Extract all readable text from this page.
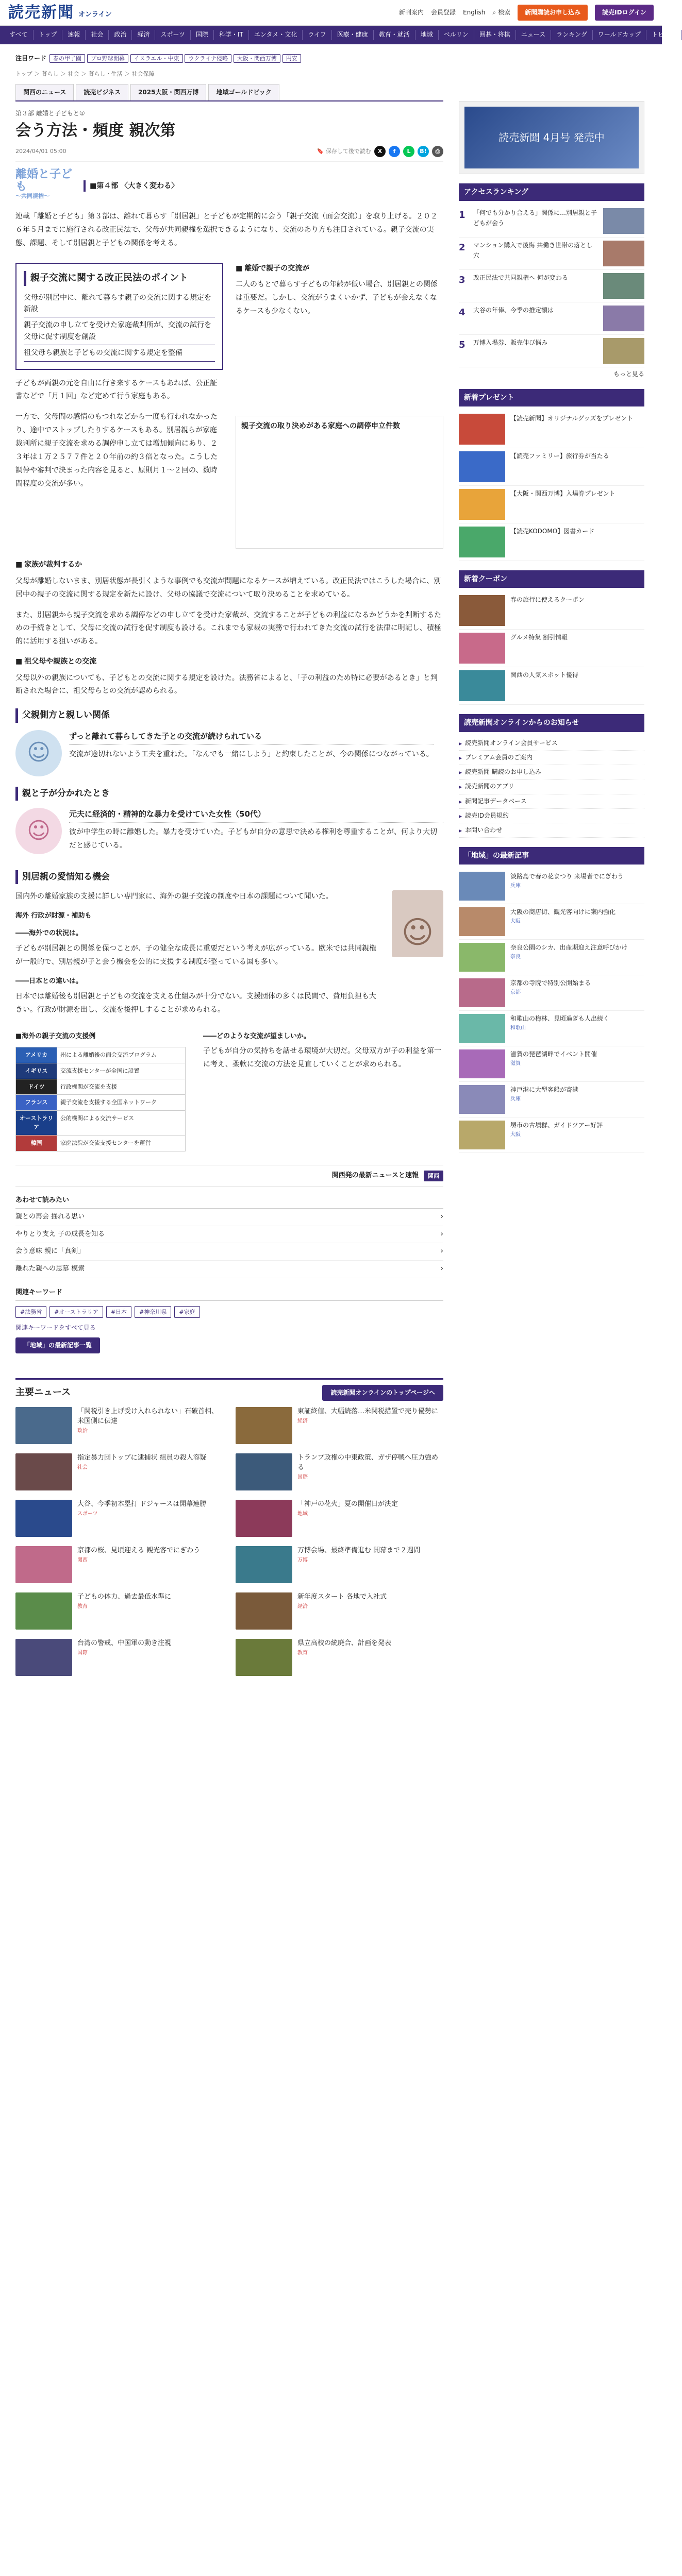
読売新聞 オンライン	新刊案内 会員登録 English ⌕ 検索	新聞購読お申し込み	読売IDログイン
すべて	トップ	速報	社会	政治	経済	スポーツ	国際	科学・IT	エンタメ・文化	ライフ	医療・健康	教育・就活	地域	ベルリン	囲碁・将棋	ニュース	ランキング	ワールドカップ	トピック
注目ワード	春の甲子園 プロ野球開幕 イスラエル・中東 ウクライナ侵略 大阪・関西万博 円安
トップ ＞ 暮らし ＞ 社会 ＞ 暮らし・生活 ＞ 社会保障
関西のニュース	読売ビジネス	2025大阪・関西万博	地域ゴールドピック
第３部 離婚と子どもと①
会う方法・頻度 親次第
2024/04/01 05:00	🔖 保存して後で読む	X	f	L	B!	⎙
離婚と子ども
～共同親権～
■第４部 〈大きく変わる〉

連載「離婚と子ども」第３部は、離れて暮らす「別居親」と子どもが定期的に会う「親子交流（面会交流）」を取り上げる。２０２６年５月までに施行される改正民法で、父母が共同親権を選択できるようになり、交流のあり方も注目されている。親子交流の実態、課題、そして別居親と子どもの関係を考える。

親子交流に関する改正民法のポイント
父母が別居中に、離れて暮らす親子の交流に関する規定を新設
親子交流の申し立てを受けた家庭裁判所が、交流の試行を父母に促す制度を創設
祖父母ら親族と子どもの交流に関する規定を整備

子どもが両親の元を自由に行き来するケースもあれば、公正証書などで「月１回」など定めて行う家庭もある。

■ 離婚で親子の交流が

二人のもとで暮らす子どもの年齢が低い場合、別居親との関係は重要だ。しかし、交流がうまくいかず、子どもが会えなくなるケースも少なくない。

一方で、父母間の感情のもつれなどから一度も行われなかったり、途中でストップしたりするケースもある。別居親らが家庭裁判所に親子交流を求める調停申し立ては増加傾向にあり、２３年は１万２５７７件と２０年前の約３倍となった。こうした調停や審判で決まった内容を見ると、原則月１～２回の、数時間程度の交流が多い。

親子交流の取り決めがある家庭への調停申立件数
■ 家族が裁判するか

父母が離婚しないまま、別居状態が長引くような事例でも交流が問題になるケースが増えている。改正民法ではこうした場合に、別居中の親子の交流に関する規定を新たに設け、父母の協議で交流について取り決めることを求めている。

また、別居親から親子交流を求める調停などの申し立てを受けた家裁が、交流することが子どもの利益になるかどうかを判断するための手続きとして、父母に交流の試行を促す制度も設ける。これまでも家裁の実務で行われてきた交流の試行を法律に明記し、積極的に活用する狙いがある。

■ 祖父母や親族との交流

父母以外の親族についても、子どもとの交流に関する規定を設けた。法務省によると、「子の利益のため特に必要があるとき」と判断された場合に、祖父母らとの交流が認められる。

父親側方と親しい関係
☺
ずっと離れて暮らしてきた子との交流が続けられている

交流が途切れないよう工夫を重ねた。「なんでも一緒にしよう」と約束したことが、今の関係につながっている。

親と子が分かれたとき
☺
元夫に経済的・精神的な暴力を受けていた女性（50代）

彼が中学生の時に離婚した。暴力を受けていた。子どもが自分の意思で決める権利を尊重することが、何より大切だと感じている。

別居親の愛情知る機会

国内外の離婚家族の支援に詳しい専門家に、海外の親子交流の制度や日本の課題について聞いた。

海外 行政が財源・補助も
――海外での状況は。

子どもが別居親との関係を保つことが、子の健全な成長に重要だという考えが広がっている。欧米では共同親権が一般的で、別居親が子と会う機会を公的に支援する制度が整っている国も多い。

――日本との違いは。

日本では離婚後も別居親と子どもの交流を支える仕組みが十分でない。支援団体の多くは民間で、費用負担も大きい。行政が財源を出し、交流を後押しすることが求められる。

☺
■海外の親子交流の支援例
アメリカ	州による離婚後の面会交流プログラム
イギリス	交流支援センターが全国に設置
ドイツ	行政機関が交流を支援
フランス	親子交流を支援する全国ネットワーク
オーストラリア	公的機関による交流サービス
韓国	家庭法院が交流支援センターを運営
――どのような交流が望ましいか。

子どもが自分の気持ちを話せる環境が大切だ。父母双方が子の利益を第一に考え、柔軟に交流の方法を見直していくことが求められる。

関西発の最新ニュースと速報	関西
あわせて読みたい
親との再会 揺れる思い	›
やりとり支え 子の成長を知る	›
会う意味 親に「真剣」	›
離れた親への思慕 模索	›
関連キーワード
#法務省	#オーストラリア	#日本	#神奈川県	#家庭
関連キーワードをすべて見る
「地域」の最新記事一覧
主要ニュース	読売新聞オンラインのトップページへ
「関税引き上げ受け入れられない」石破首相、米国側に伝達
政治
東証終値、大幅続落…米関税措置で売り優勢に
経済
指定暴力団トップに逮捕状 組員の殺人容疑
社会
トランプ政権の中東政策、ガザ停戦へ圧力強める
国際
大谷、今季初本塁打 ドジャースは開幕連勝
スポーツ
「神戸の花火」夏の開催日が決定
地域
京都の桜、見頃迎える 観光客でにぎわう
関西
万博会場、最終準備進む 開幕まで２週間
万博
子どもの体力、過去最低水準に
教育
新年度スタート 各地で入社式
経済
台湾の警戒、中国軍の動き注視
国際
県立高校の統廃合、計画を発表
教育
読売新聞 4月号 発売中
アクセスランキング
1	「何でも分かり合える」関係に…別居親と子どもが会う
2	マンション購入で後悔 共働き世帯の落とし穴
3	改正民法で共同親権へ 何が変わる
4	大谷の年俸、今季の推定額は
5	万博入場券、販売伸び悩み
もっと見る
新着プレゼント
【読売新聞】オリジナルグッズをプレゼント
【読売ファミリー】旅行券が当たる
【大阪・関西万博】入場券プレゼント
【読売KODOMO】図書カード
新着クーポン
春の旅行に使えるクーポン
グルメ特集 割引情報
関西の人気スポット優待
読売新聞オンラインからのお知らせ
▶ 読売新聞オンライン会員サービス
▶ プレミアム会員のご案内
▶ 読売新聞 購読のお申し込み
▶ 読売新聞のアプリ
▶ 新聞記事データベース
▶ 読売ID会員規約
▶ お問い合わせ
「地域」の最新記事
淡路島で春の花まつり 来場者でにぎわう
兵庫
大阪の商店街、観光客向けに案内強化
大阪
奈良公園のシカ、出産期迎え注意呼びかけ
奈良
京都の寺院で特別公開始まる
京都
和歌山の梅林、見頃過ぎも人出続く
和歌山
滋賀の琵琶湖畔でイベント開催
滋賀
神戸港に大型客船が寄港
兵庫
堺市の古墳群、ガイドツアー好評
大阪
